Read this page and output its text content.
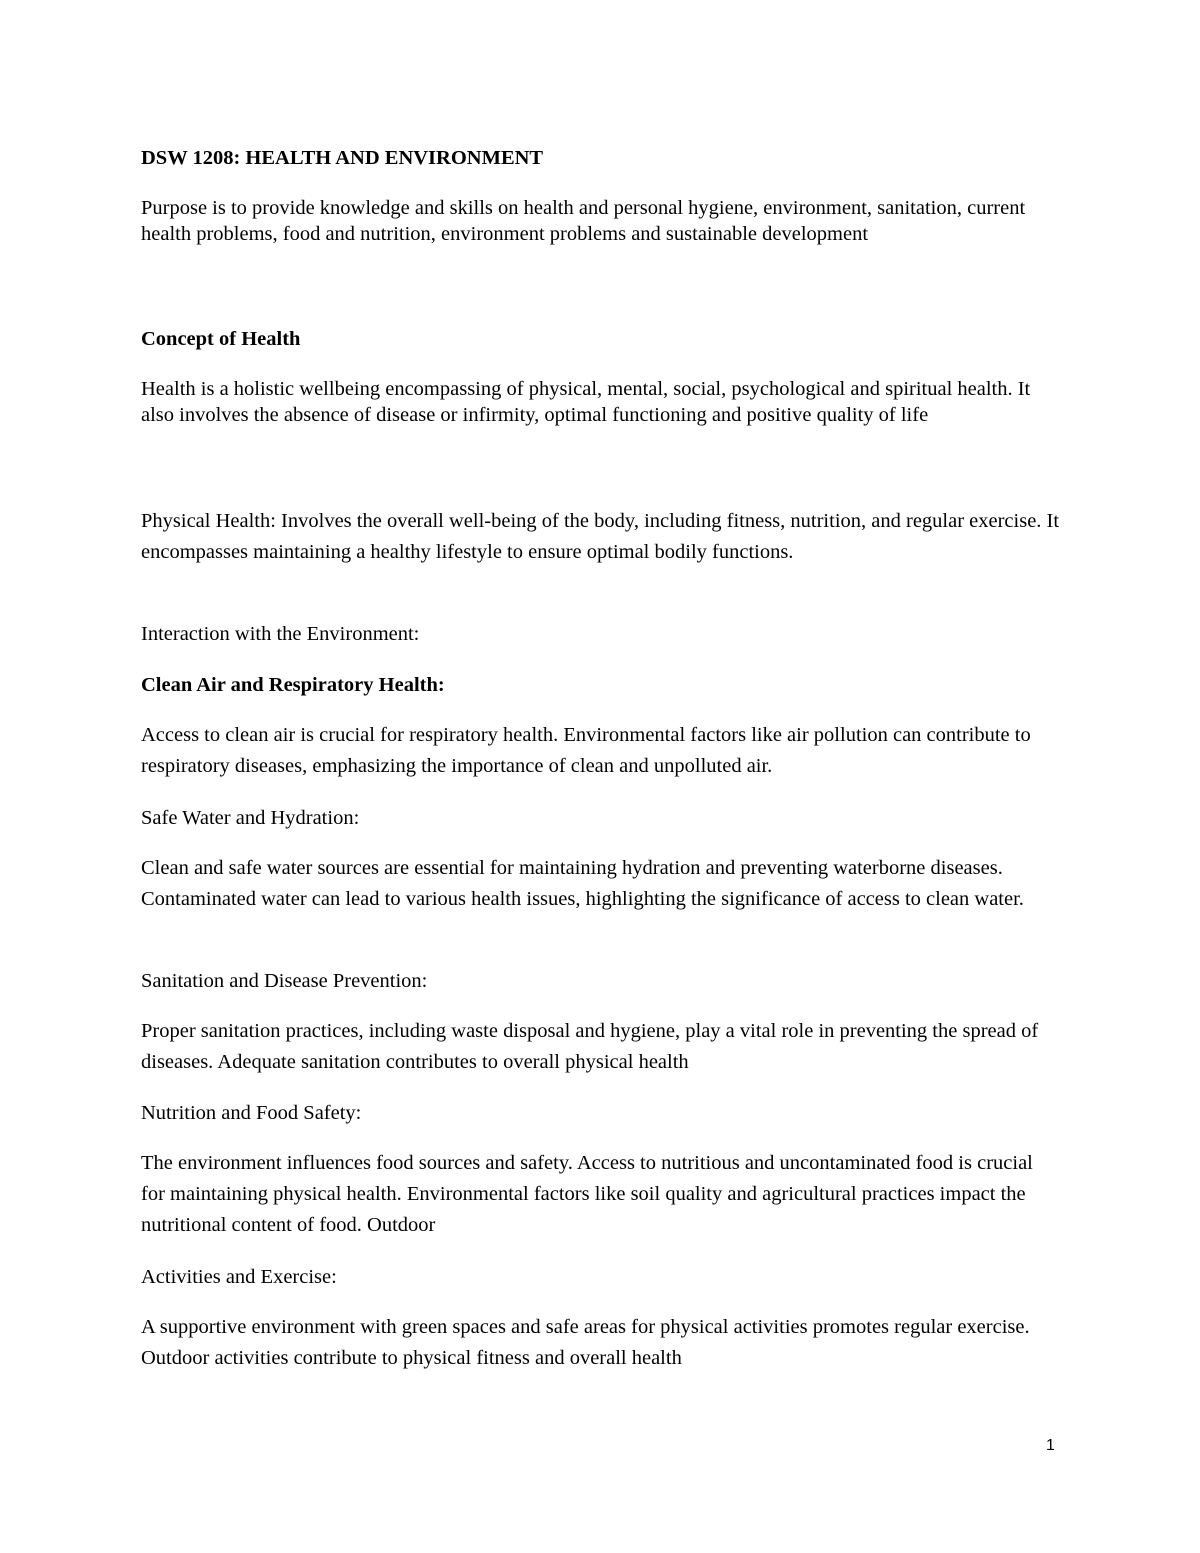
DSW 1208: HEALTH AND ENVIRONMENT

Purpose is to provide knowledge and skills on health and personal hygiene, environment, sanitation, current health problems, food and nutrition, environment problems and sustainable development

Concept of Health

Health is a holistic wellbeing encompassing of physical, mental, social, psychological and spiritual health. It also involves the absence of disease or infirmity, optimal functioning and positive quality of life

Physical Health: Involves the overall well-being of the body, including fitness, nutrition, and regular exercise. It encompasses maintaining a healthy lifestyle to ensure optimal bodily functions.

Interaction with the Environment:

Clean Air and Respiratory Health:

Access to clean air is crucial for respiratory health. Environmental factors like air pollution can contribute to respiratory diseases, emphasizing the importance of clean and unpolluted air.

Safe Water and Hydration:

Clean and safe water sources are essential for maintaining hydration and preventing waterborne diseases. Contaminated water can lead to various health issues, highlighting the significance of access to clean water.

Sanitation and Disease Prevention:

Proper sanitation practices, including waste disposal and hygiene, play a vital role in preventing the spread of diseases. Adequate sanitation contributes to overall physical health

Nutrition and Food Safety:

The environment influences food sources and safety. Access to nutritious and uncontaminated food is crucial for maintaining physical health. Environmental factors like soil quality and agricultural practices impact the nutritional content of food. Outdoor

Activities and Exercise:

A supportive environment with green spaces and safe areas for physical activities promotes regular exercise. Outdoor activities contribute to physical fitness and overall health

1
